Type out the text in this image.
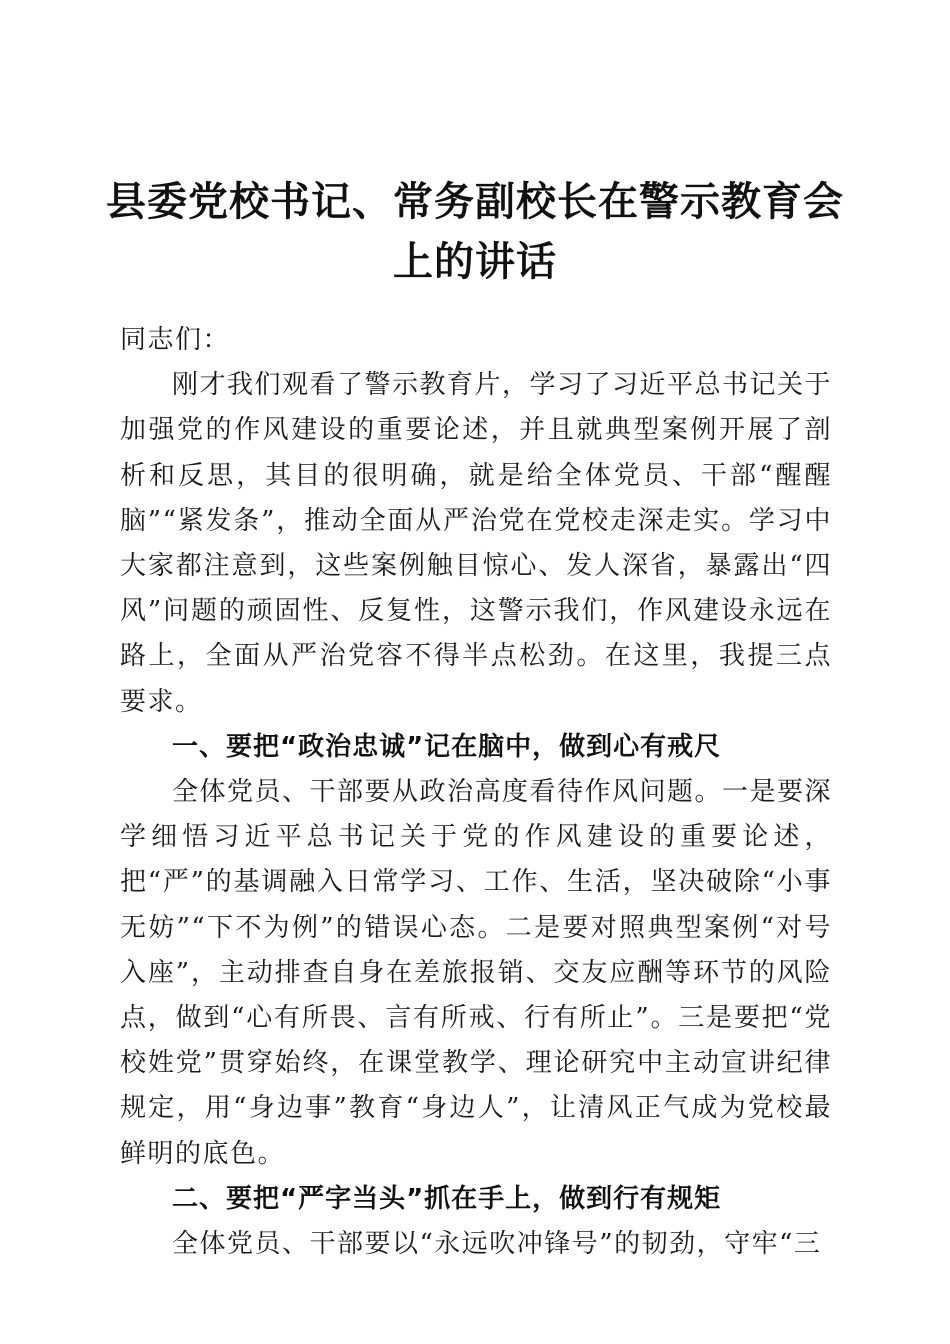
县委党校书记、常务副校长在警示教育会上的讲话

同志们：

刚才我们观看了警示教育片，学习了习近平总书记关于加强党的作风建设的重要论述，并且就典型案例开展了剖析和反思，其目的很明确，就是给全体党员、干部“醒醒脑”“紧发条”，推动全面从严治党在党校走深走实。学习中大家都注意到，这些案例触目惊心、发人深省，暴露出“四风”问题的顽固性、反复性，这警示我们，作风建设永远在路上，全面从严治党容不得半点松劲。在这里，我提三点要求。

一、要把“政治忠诚”记在脑中，做到心有戒尺

全体党员、干部要从政治高度看待作风问题。一是要深学细悟习近平总书记关于党的作风建设的重要论述，把“严”的基调融入日常学习、工作、生活，坚决破除“小事无妨”“下不为例”的错误心态。二是要对照典型案例“对号入座”，主动排查自身在差旅报销、交友应酬等环节的风险点，做到“心有所畏、言有所戒、行有所止”。三是要把“党校姓党”贯穿始终，在课堂教学、理论研究中主动宣讲纪律规定，用“身边事”教育“身边人”，让清风正气成为党校最鲜明的底色。

二、要把“严字当头”抓在手上，做到行有规矩

全体党员、干部要以“永远吹冲锋号”的韧劲，守牢“三
